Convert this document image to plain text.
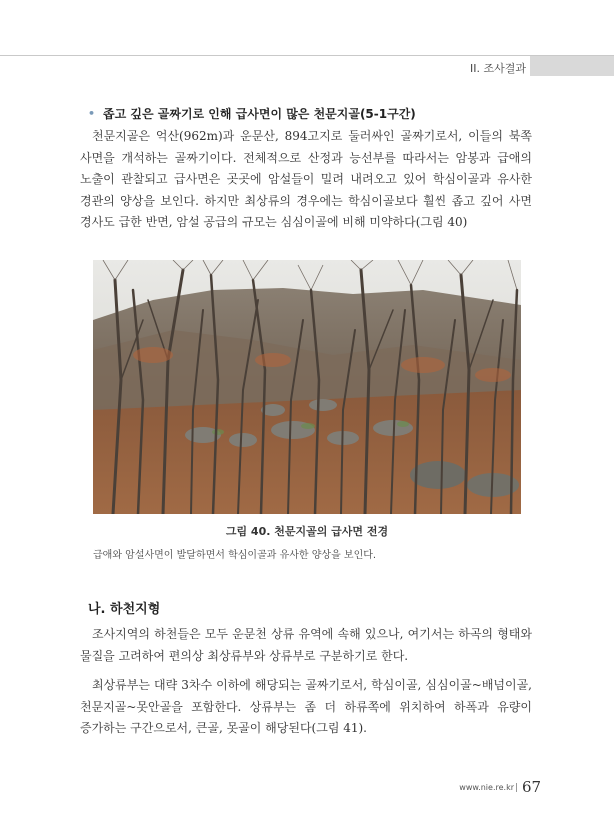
II. 조사결과
• 좁고 깊은 골짜기로 인해 급사면이 많은 천문지골(5-1구간)
천문지골은 억산(962m)과 운문산, 894고지로 둘러싸인 골짜기로서, 이들의 북쪽
사면을 개석하는 골짜기이다. 전체적으로 산정과 능선부를 따라서는 암봉과 급애의
노출이 관찰되고 급사면은 곳곳에 암설들이 밀려 내려오고 있어 학심이골과 유사한
경관의 양상을 보인다. 하지만 최상류의 경우에는 학심이골보다 훨씬 좁고 깊어 사면
경사도 급한 반면, 암설 공급의 규모는 심심이골에 비해 미약하다(그림 40)
그림 40. 천문지골의 급사면 전경
급애와 암설사면이 발달하면서 학심이골과 유사한 양상을 보인다.
나. 하천지형
조사지역의 하천들은 모두 운문천 상류 유역에 속해 있으나, 여기서는 하곡의 형태와
물질을 고려하여 편의상 최상류부와 상류부로 구분하기로 한다.
최상류부는 대략 3차수 이하에 해당되는 골짜기로서, 학심이골, 심심이골~배넘이골,
천문지골~못안골을 포함한다. 상류부는 좀 더 하류쪽에 위치하여 하폭과 유량이
증가하는 구간으로서, 큰골, 못골이 해당된다(그림 41).
www.nie.re.kr 67
